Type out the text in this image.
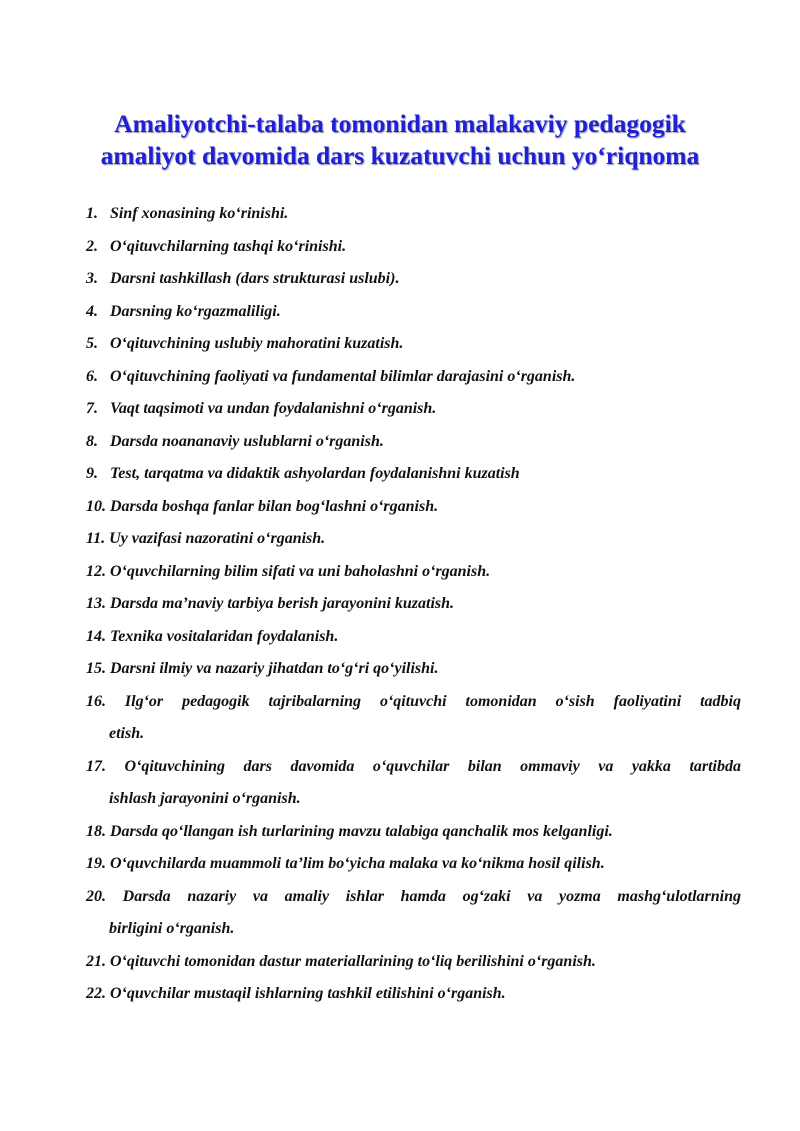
Amaliyotchi-talaba tomonidan malakaviy pedagogik
amaliyot davomida dars kuzatuvchi uchun yo‘riqnoma
1. Sinf xonasining ko‘rinishi.
2. O‘qituvchilarning tashqi ko‘rinishi.
3. Darsni tashkillash (dars strukturasi uslubi).
4. Darsning ko‘rgazmaliligi.
5. O‘qituvchining uslubiy mahoratini kuzatish.
6. O‘qituvchining faoliyati va fundamental bilimlar darajasini o‘rganish.
7. Vaqt taqsimoti va undan foydalanishni o‘rganish.
8. Darsda noananaviy uslublarni o‘rganish.
9. Test, tarqatma va didaktik ashyolardan foydalanishni kuzatish
10. Darsda boshqa fanlar bilan bog‘lashni o‘rganish.
11. Uy vazifasi nazoratini o‘rganish.
12. O‘quvchilarning bilim sifati va uni baholashni o‘rganish.
13. Darsda ma’naviy tarbiya berish jarayonini kuzatish.
14. Texnika vositalaridan foydalanish.
15. Darsni ilmiy va nazariy jihatdan to‘g‘ri qo‘yilishi.
16. Ilg‘or pedagogik tajribalarning o‘qituvchi tomonidan o‘sish faoliyatini tadbiq
etish.
17. O‘qituvchining dars davomida o‘quvchilar bilan ommaviy va yakka tartibda
ishlash jarayonini o‘rganish.
18. Darsda qo‘llangan ish turlarining mavzu talabiga qanchalik mos kelganligi.
19. O‘quvchilarda muammoli ta’lim bo‘yicha malaka va ko‘nikma hosil qilish.
20. Darsda nazariy va amaliy ishlar hamda og‘zaki va yozma mashg‘ulotlarning
birligini o‘rganish.
21. O‘qituvchi tomonidan dastur materiallarining to‘liq berilishini o‘rganish.
22. O‘quvchilar mustaqil ishlarning tashkil etilishini o‘rganish.
